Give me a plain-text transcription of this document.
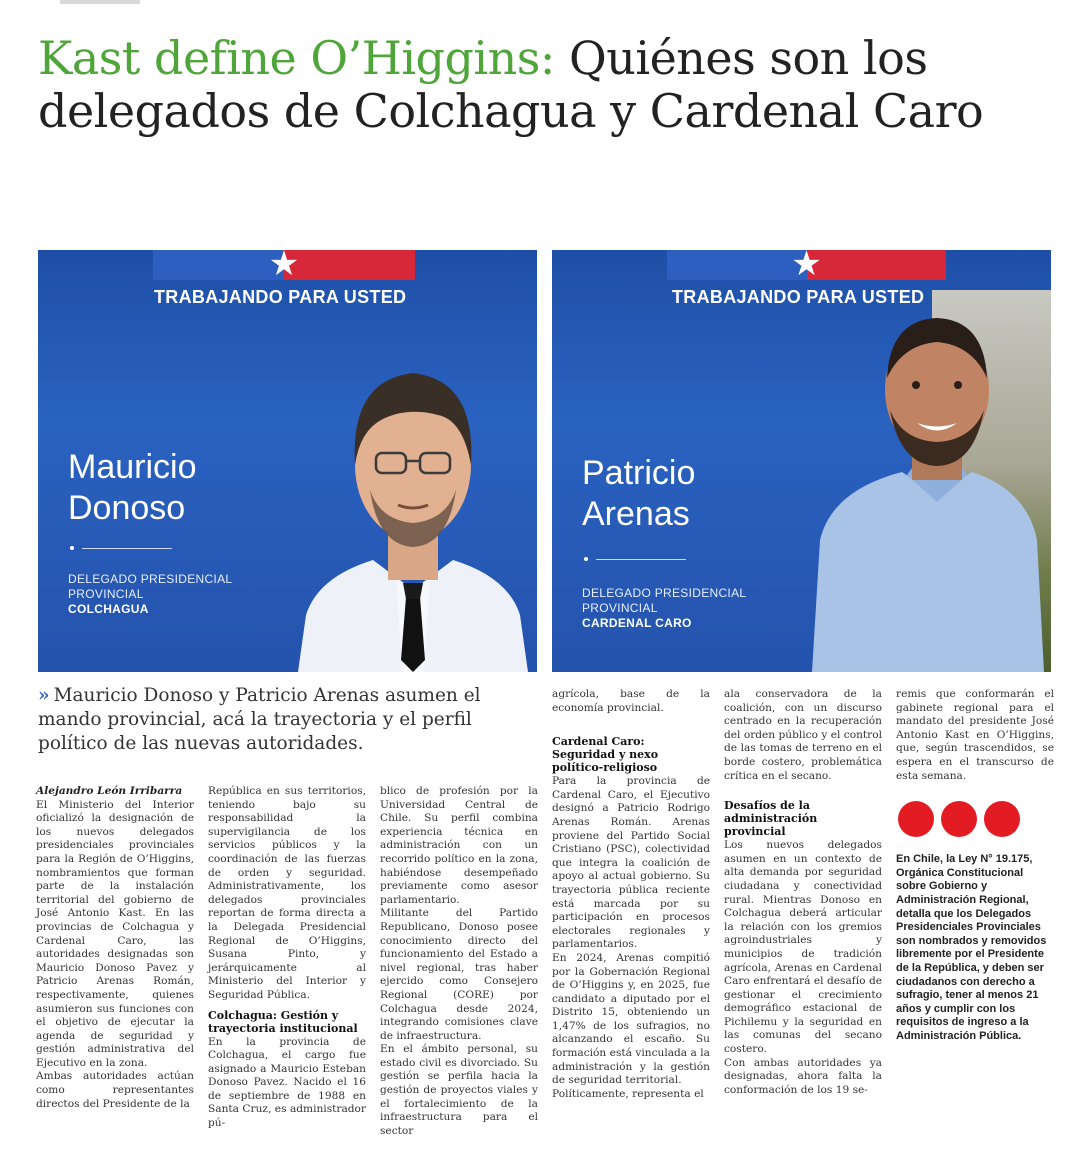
Kast define O’Higgins: Quiénes son los delegados de Colchagua y Cardenal Caro
★
TRABAJANDO PARA USTED
Mauricio
Donoso
DELEGADO PRESIDENCIAL
PROVINCIAL
COLCHAGUA
★
TRABAJANDO PARA USTED
Patricio
Arenas
DELEGADO PRESIDENCIAL
PROVINCIAL
CARDENAL CARO

» Mauricio Donoso y Patricio Arenas asumen el mando provincial, acá la trayectoria y el perfil político de las nuevas autoridades.

Alejandro León Irribarra

El Ministerio del Interior oficializó la designación de los nuevos delegados presidenciales provinciales para la Región de O’Higgins, nombramientos que forman parte de la instalación territorial del gobierno de José Antonio Kast. En las provincias de Colchagua y Cardenal Caro, las autoridades designadas son Mauricio Donoso Pavez y Patricio Arenas Román, respectivamente, quienes asumieron sus funciones con el objetivo de ejecutar la agenda de seguridad y gestión administrativa del Ejecutivo en la zona.

Ambas autoridades actúan como representantes directos del Presidente de la

República en sus territorios, teniendo bajo su responsabilidad la supervigilancia de los servicios públicos y la coordinación de las fuerzas de orden y seguridad. Administrativamente, los delegados provinciales reportan de forma directa a la Delegada Presidencial Regional de O’Higgins, Susana Pinto, y jerárquicamente al Ministerio del Interior y Seguridad Pública.

Colchagua: Gestión y trayectoria institucional

En la provincia de Colchagua, el cargo fue asignado a Mauricio Esteban Donoso Pavez. Nacido el 16 de septiembre de 1988 en Santa Cruz, es administrador pú-

blico de profesión por la Universidad Central de Chile. Su perfil combina experiencia técnica en administración con un recorrido político en la zona, habiéndose desempeñado previamente como asesor parlamentario.

Militante del Partido Republicano, Donoso posee conocimiento directo del funcionamiento del Estado a nivel regional, tras haber ejercido como Consejero Regional (CORE) por Colchagua desde 2024, integrando comisiones clave de infraestructura.

En el ámbito personal, su estado civil es divorciado. Su gestión se perfila hacia la gestión de proyectos viales y el fortalecimiento de la infraestructura para el sector

agrícola, base de la economía provincial.

Cardenal Caro: Seguridad y nexo político-religioso

Para la provincia de Cardenal Caro, el Ejecutivo designó a Patricio Rodrigo Arenas Román. Arenas proviene del Partido Social Cristiano (PSC), colectividad que integra la coalición de apoyo al actual gobierno. Su trayectoria pública reciente está marcada por su participación en procesos electorales regionales y parlamentarios.

En 2024, Arenas compitió por la Gobernación Regional de O’Higgins y, en 2025, fue candidato a diputado por el Distrito 15, obteniendo un 1,47% de los sufragios, no alcanzando el escaño. Su formación está vinculada a la administración y la gestión de seguridad territorial.

Políticamente, representa el

ala conservadora de la coalición, con un discurso centrado en la recuperación del orden público y el control de las tomas de terreno en el borde costero, problemática crítica en el secano.

Desafíos de la administración provincial

Los nuevos delegados asumen en un contexto de alta demanda por seguridad ciudadana y conectividad rural. Mientras Donoso en Colchagua deberá articular la relación con los gremios agroindustriales y municipios de tradición agrícola, Arenas en Cardenal Caro enfrentará el desafío de gestionar el crecimiento demográfico estacional de Pichilemu y la seguridad en las comunas del secano costero.

Con ambas autoridades ya designadas, ahora falta la conformación de los 19 se-

remis que conformarán el gabinete regional para el mandato del presidente José Antonio Kast en O’Higgins, que, según trascendidos, se espera en el transcurso de esta semana.

En Chile, la Ley N° 19.175, Orgánica Constitucional sobre Gobierno y Administración Regional, detalla que los Delegados Presidenciales Provinciales son nombrados y removidos libremente por el Presidente de la República, y deben ser ciudadanos con derecho a sufragio, tener al menos 21 años y cumplir con los requisitos de ingreso a la Administración Pública.
